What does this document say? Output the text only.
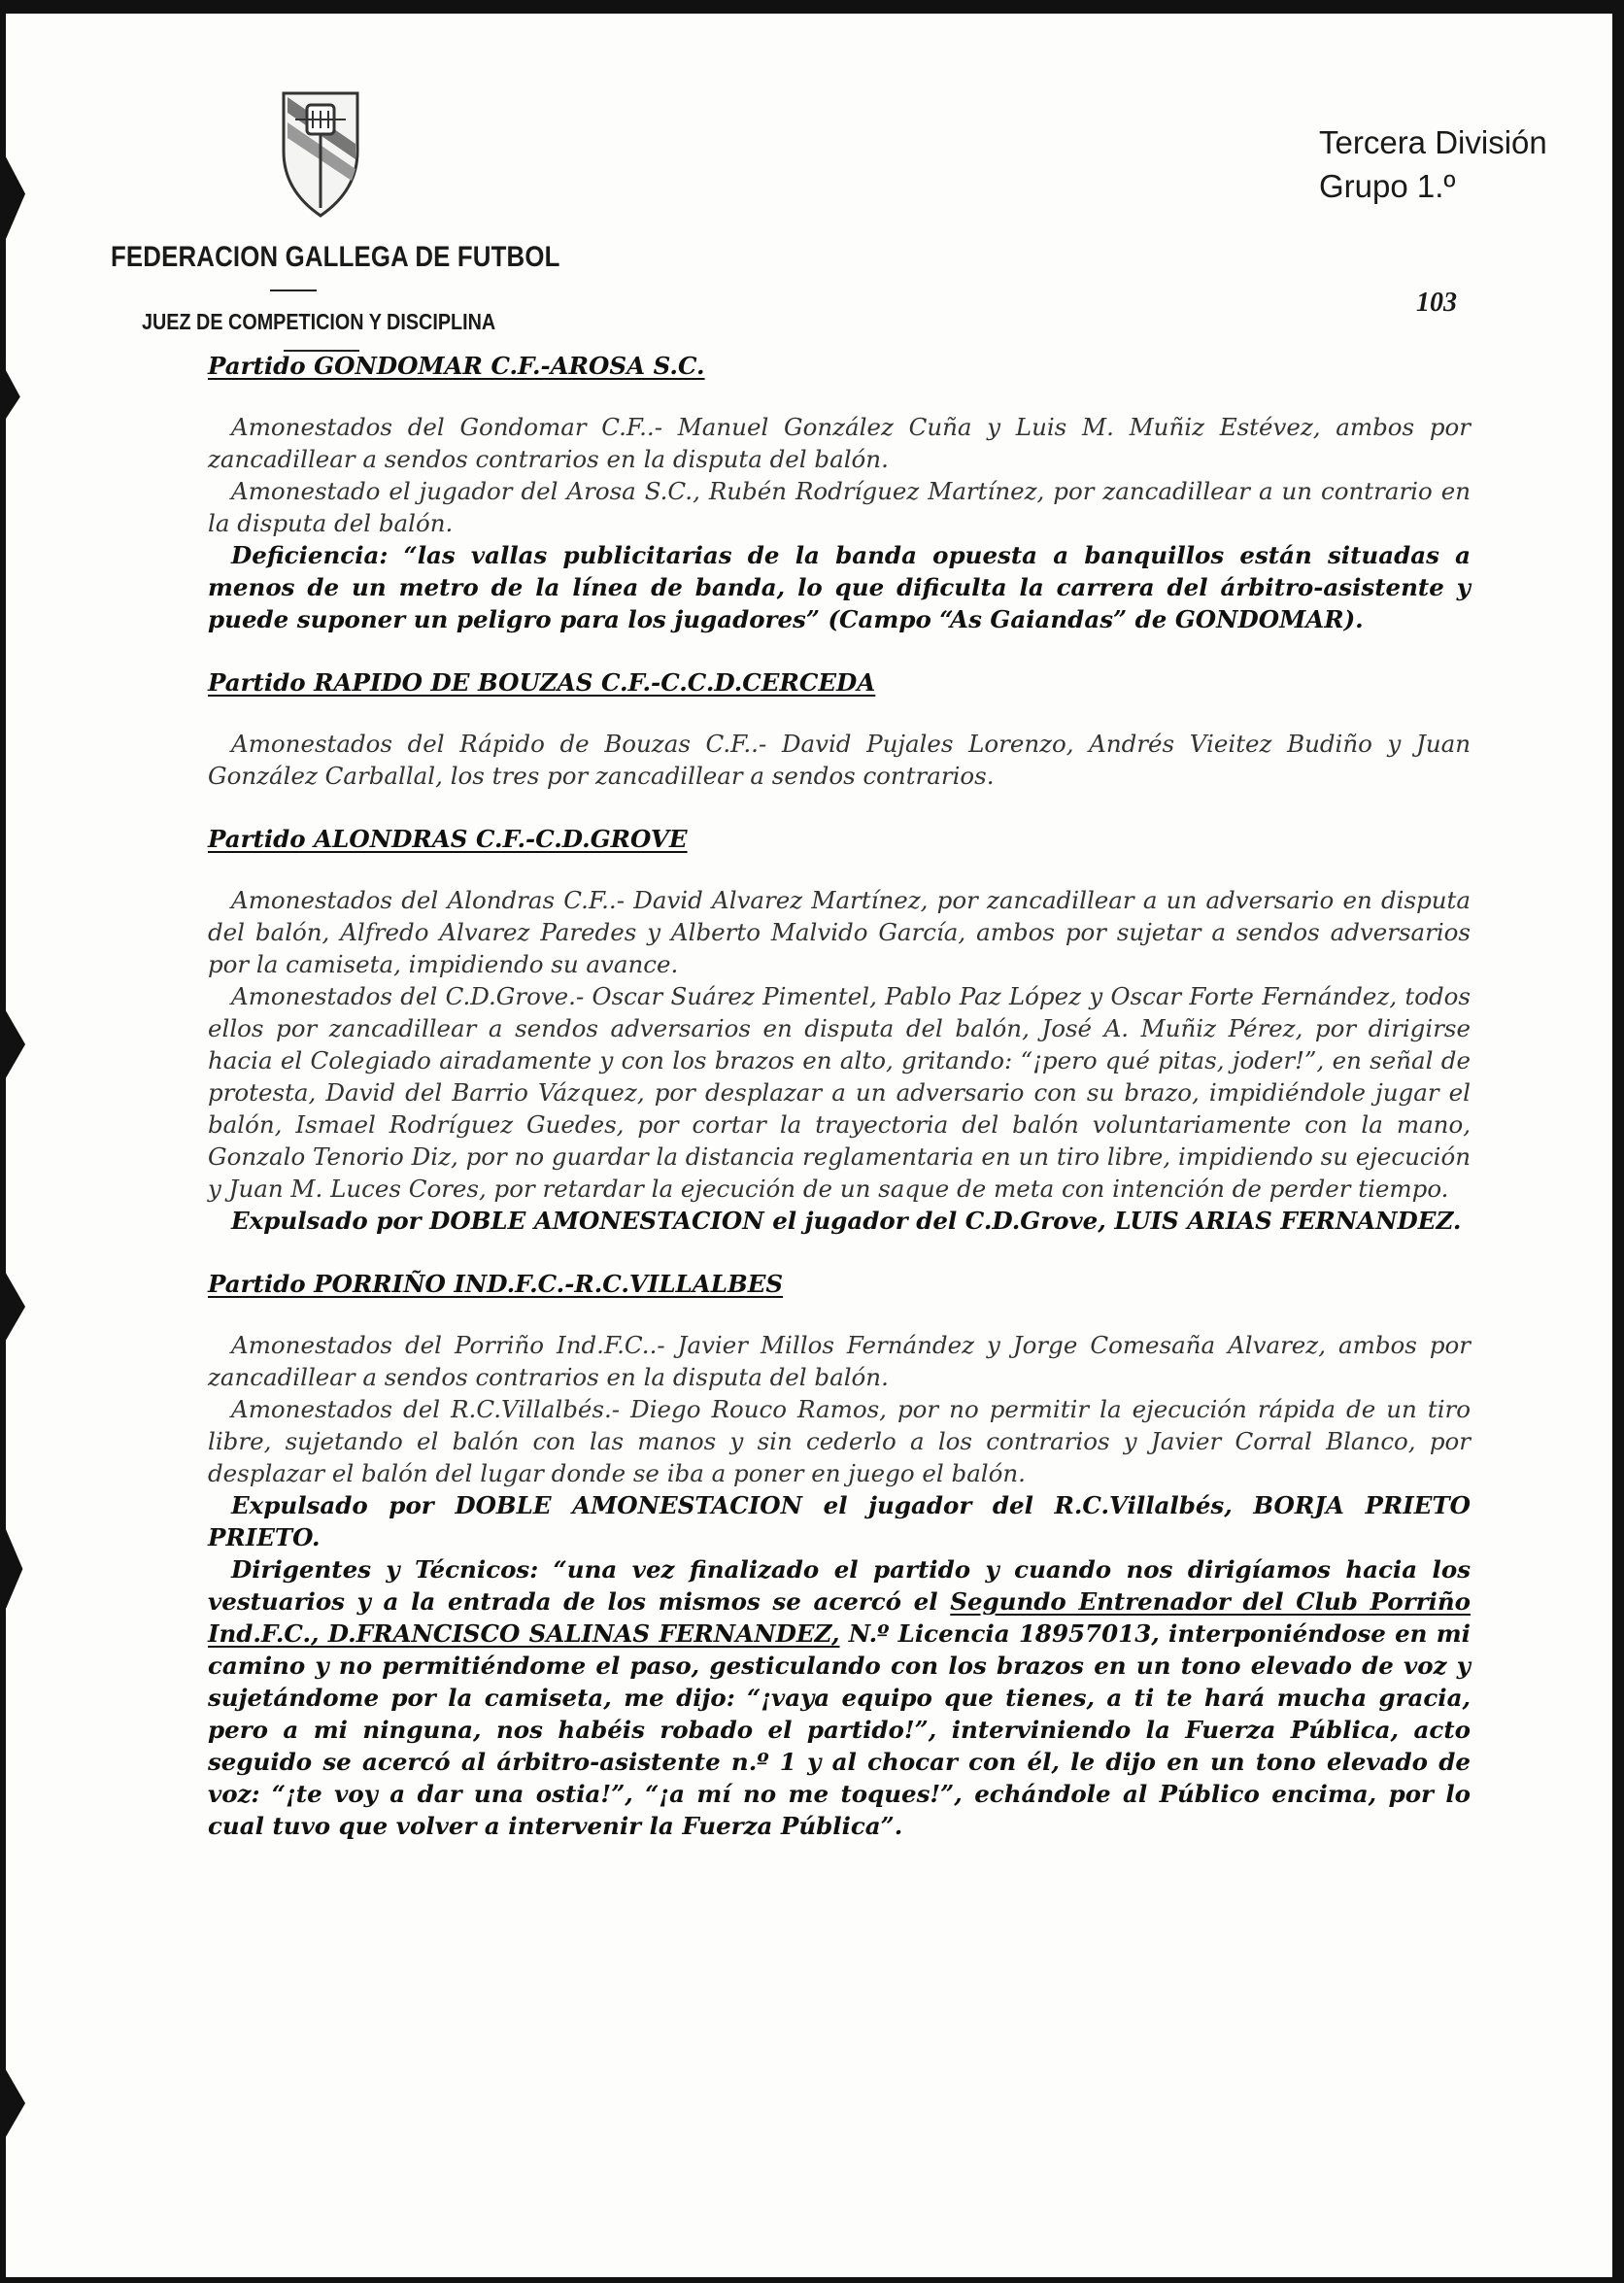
FEDERACION GALLEGA DE FUTBOL
JUEZ DE COMPETICION Y DISCIPLINA
Tercera División
Grupo 1.º
103

Partido GONDOMAR C.F.-AROSA S.C.

Amonestados del Gondomar C.F..- Manuel González Cuña y Luis M. Muñiz Estévez, ambos por zancadillear a sendos contrarios en la disputa del balón.

Amonestado el jugador del Arosa S.C., Rubén Rodríguez Martínez, por zancadillear a un contrario en la disputa del balón.

Deficiencia: “las vallas publicitarias de la banda opuesta a banquillos están situadas a menos de un metro de la línea de banda, lo que dificulta la carrera del árbitro-asistente y puede suponer un peligro para los jugadores” (Campo “As Gaiandas” de GONDOMAR).

Partido RAPIDO DE BOUZAS C.F.-C.C.D.CERCEDA

Amonestados del Rápido de Bouzas C.F..- David Pujales Lorenzo, Andrés Vieitez Budiño y Juan González Carballal, los tres por zancadillear a sendos contrarios.

Partido ALONDRAS C.F.-C.D.GROVE

Amonestados del Alondras C.F..- David Alvarez Martínez, por zancadillear a un adversario en disputa del balón, Alfredo Alvarez Paredes y Alberto Malvido García, ambos por sujetar a sendos adversarios por la camiseta, impidiendo su avance.

Amonestados del C.D.Grove.- Oscar Suárez Pimentel, Pablo Paz López y Oscar Forte Fernández, todos ellos por zancadillear a sendos adversarios en disputa del balón, José A. Muñiz Pérez, por dirigirse hacia el Colegiado airadamente y con los brazos en alto, gritando: “¡pero qué pitas, joder!”, en señal de protesta, David del Barrio Vázquez, por desplazar a un adversario con su brazo, impidiéndole jugar el balón, Ismael Rodríguez Guedes, por cortar la trayectoria del balón voluntariamente con la mano, Gonzalo Tenorio Diz, por no guardar la distancia reglamentaria en un tiro libre, impidiendo su ejecución y Juan M. Luces Cores, por retardar la ejecución de un saque de meta con intención de perder tiempo.

Expulsado por DOBLE AMONESTACION el jugador del C.D.Grove, LUIS ARIAS FERNANDEZ.

Partido PORRIÑO IND.F.C.-R.C.VILLALBES

Amonestados del Porriño Ind.F.C..- Javier Millos Fernández y Jorge Comesaña Alvarez, ambos por zancadillear a sendos contrarios en la disputa del balón.

Amonestados del R.C.Villalbés.- Diego Rouco Ramos, por no permitir la ejecución rápida de un tiro libre, sujetando el balón con las manos y sin cederlo a los contrarios y Javier Corral Blanco, por desplazar el balón del lugar donde se iba a poner en juego el balón.

Expulsado por DOBLE AMONESTACION el jugador del R.C.Villalbés, BORJA PRIETO PRIETO.

Dirigentes y Técnicos: “una vez finalizado el partido y cuando nos dirigíamos hacia los vestuarios y a la entrada de los mismos se acercó el Segundo Entrenador del Club Porriño Ind.F.C., D.FRANCISCO SALINAS FERNANDEZ, N.º Licencia 18957013, interponiéndose en mi camino y no permitiéndome el paso, gesticulando con los brazos en un tono elevado de voz y sujetándome por la camiseta, me dijo: “¡vaya equipo que tienes, a ti te hará mucha gracia, pero a mi ninguna, nos habéis robado el partido!”, interviniendo la Fuerza Pública, acto seguido se acercó al árbitro-asistente n.º 1 y al chocar con él, le dijo en un tono elevado de voz: “¡te voy a dar una ostia!”, “¡a mí no me toques!”, echándole al Público encima, por lo cual tuvo que volver a intervenir la Fuerza Pública”.
